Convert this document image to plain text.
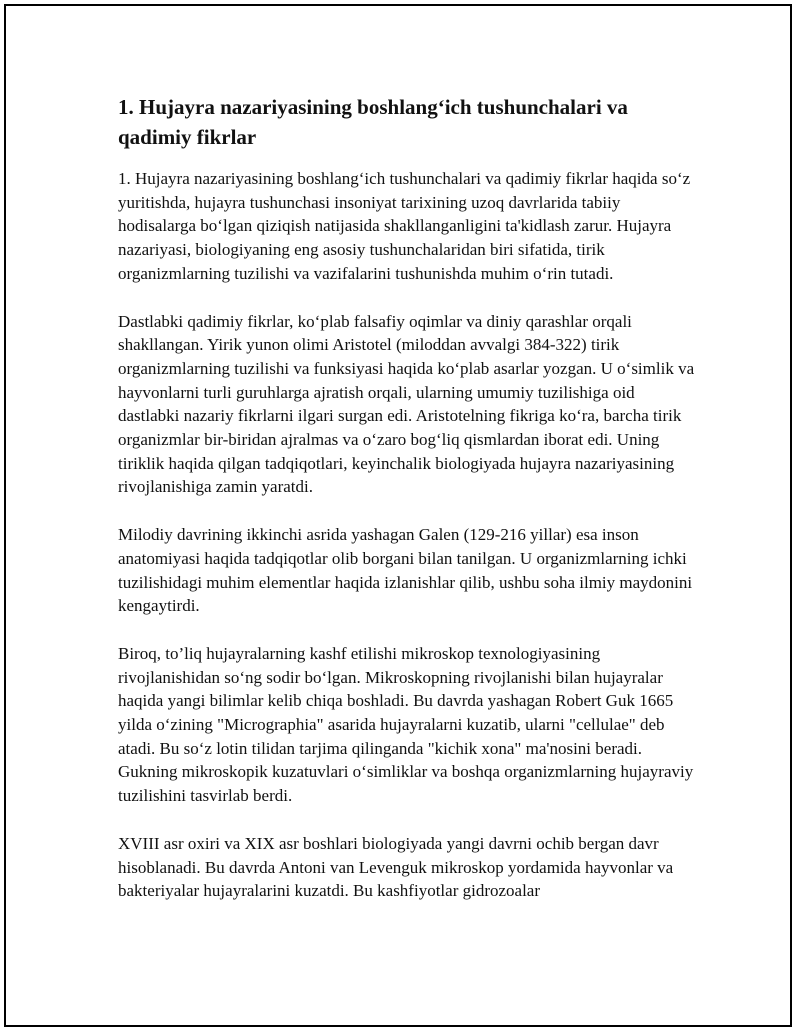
1. Hujayra nazariyasining boshlang‘ich tushunchalari va qadimiy fikrlar

1. Hujayra nazariyasining boshlang‘ich tushunchalari va qadimiy fikrlar haqida so‘z yuritishda, hujayra tushunchasi insoniyat tarixining uzoq davrlarida tabiiy hodisalarga bo‘lgan qiziqish natijasida shakllanganligini ta'kidlash zarur. Hujayra nazariyasi, biologiyaning eng asosiy tushunchalaridan biri sifatida, tirik organizmlarning tuzilishi va vazifalarini tushunishda muhim o‘rin tutadi.

Dastlabki qadimiy fikrlar, ko‘plab falsafiy oqimlar va diniy qarashlar orqali shakllangan. Yirik yunon olimi Aristotel (miloddan avvalgi 384-322) tirik organizmlarning tuzilishi va funksiyasi haqida ko‘plab asarlar yozgan. U o‘simlik va hayvonlarni turli guruhlarga ajratish orqali, ularning umumiy tuzilishiga oid dastlabki nazariy fikrlarni ilgari surgan edi. Aristotelning fikriga ko‘ra, barcha tirik organizmlar bir-biridan ajralmas va o‘zaro bog‘liq qismlardan iborat edi. Uning tiriklik haqida qilgan tadqiqotlari, keyinchalik biologiyada hujayra nazariyasining rivojlanishiga zamin yaratdi.

Milodiy davrining ikkinchi asrida yashagan Galen (129-216 yillar) esa inson anatomiyasi haqida tadqiqotlar olib borgani bilan tanilgan. U organizmlarning ichki tuzilishidagi muhim elementlar haqida izlanishlar qilib, ushbu soha ilmiy maydonini kengaytirdi.

Biroq, to’liq hujayralarning kashf etilishi mikroskop texnologiyasining rivojlanishidan so‘ng sodir bo‘lgan. Mikroskopning rivojlanishi bilan hujayralar haqida yangi bilimlar kelib chiqa boshladi. Bu davrda yashagan Robert Guk 1665 yilda o‘zining "Micrographia" asarida hujayralarni kuzatib, ularni "cellulae" deb atadi. Bu so‘z lotin tilidan tarjima qilinganda "kichik xona" ma'nosini beradi. Gukning mikroskopik kuzatuvlari o‘simliklar va boshqa organizmlarning hujayraviy tuzilishini tasvirlab berdi.

XVIII asr oxiri va XIX asr boshlari biologiyada yangi davrni ochib bergan davr hisoblanadi. Bu davrda Antoni van Levenguk mikroskop yordamida hayvonlar va bakteriyalar hujayralarini kuzatdi. Bu kashfiyotlar gidrozoalar
